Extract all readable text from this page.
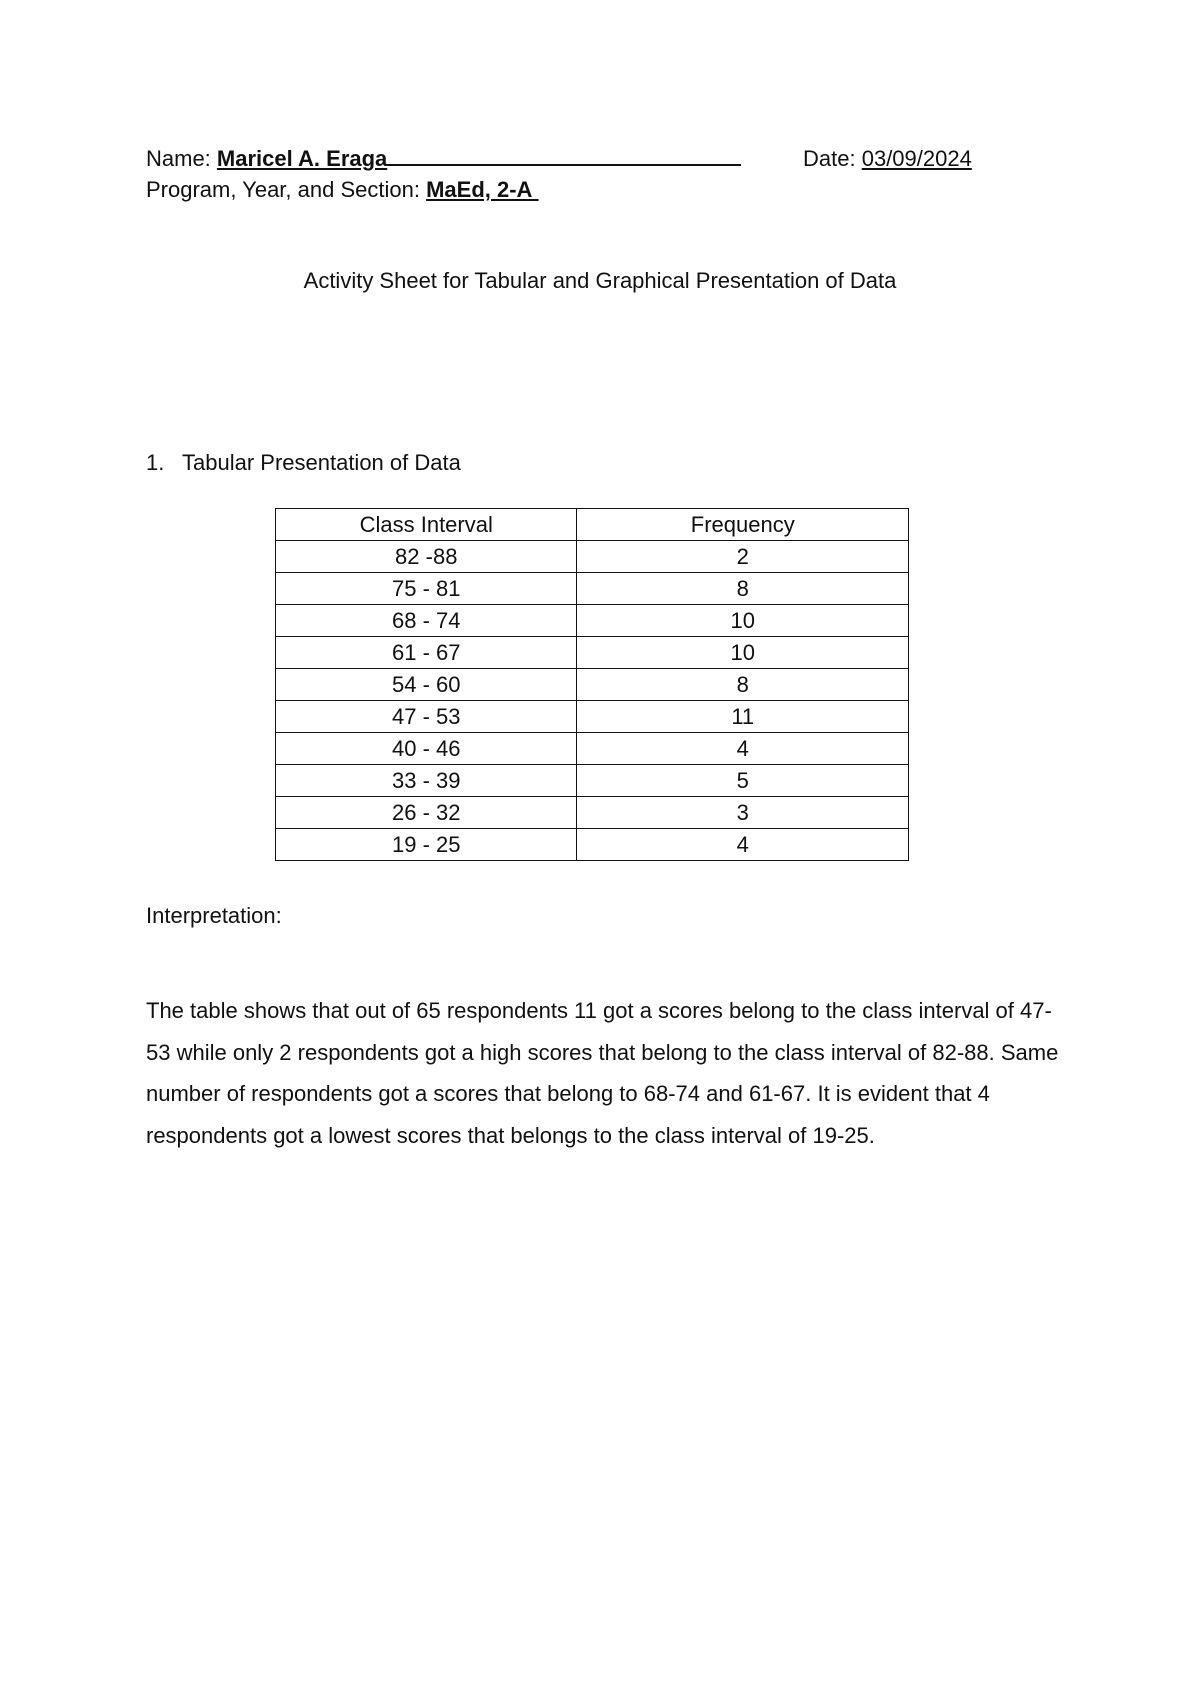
Name: Maricel A. Eraga	Date: 03/09/2024
Program, Year, and Section: MaEd, 2-A
Activity Sheet for Tabular and Graphical Presentation of Data
1. Tabular Presentation of Data
Class Interval	Frequency
82 -88	2
75 - 81	8
68 - 74	10
61 - 67	10
54 - 60	8
47 - 53	11
40 - 46	4
33 - 39	5
26 - 32	3
19 - 25	4
Interpretation:
The table shows that out of 65 respondents 11 got a scores belong to the class interval of 47-53 while only 2 respondents got a high scores that belong to the class interval of 82-88. Same number of respondents got a scores that belong to 68-74 and 61-67. It is evident that 4 respondents got a lowest scores that belongs to the class interval of 19-25.
